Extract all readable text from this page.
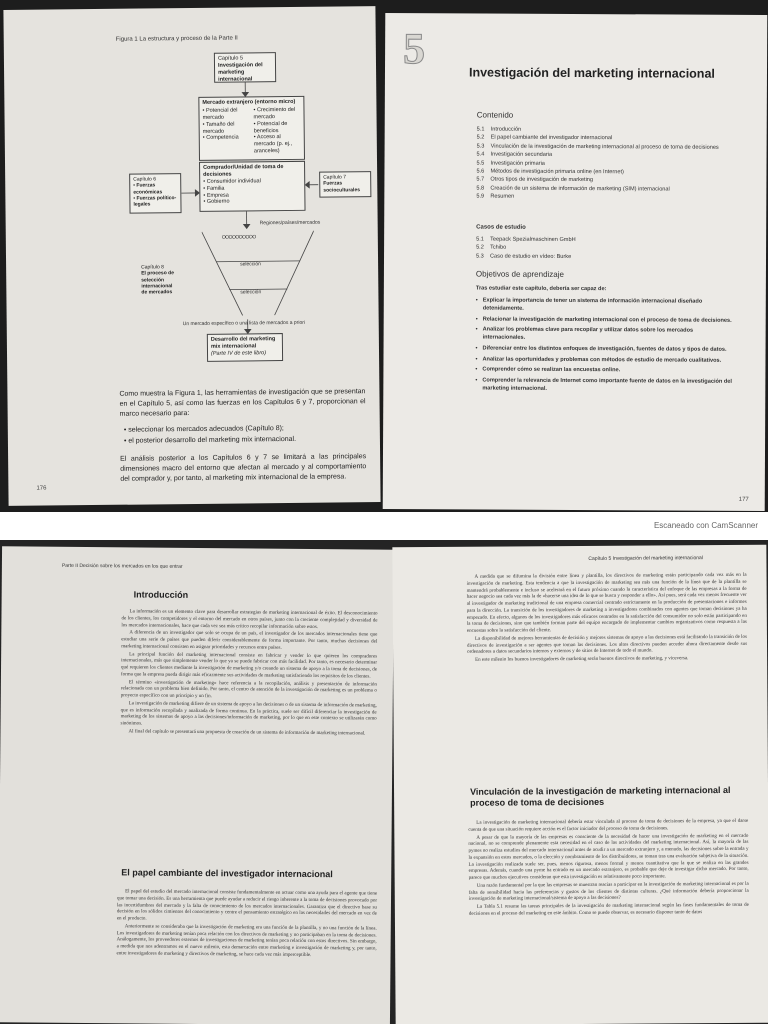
Figura 1 La estructura y proceso de la Parte II
Capítulo 5
Investigación del marketing internacional
Mercado extranjero (entorno micro)
• Potencial del mercado
• Tamaño del mercado
• Competencia
• Crecimiento del mercado
• Potencial de beneficios
• Acceso al mercado (p. ej., aranceles)
Comprador/Unidad de toma de decisiones
• Consumidor individual
• Familia
• Empresa
• Gobierno
Capítulo 6
• Fuerzas económicas
• Fuerzas político-legales
Capítulo 7
Fuerzas socioculturales
Regiones/países/mercados
OOOOOOOOOO
selección
selección
Capítulo 8
El proceso de selección internacional de mercados
Un mercado específico o una lista de mercados a priori
Desarrollo del marketing mix internacional
(Parte IV de este libro)

Como muestra la Figura 1, las herramientas de investigación que se presentan en el Capítulo 5, así como las fuerzas en los Capítulos 6 y 7, proporcionan el marco necesario para:

• seleccionar los mercados adecuados (Capítulo 8);
• el posterior desarrollo del marketing mix internacional.

El análisis posterior a los Capítulos 6 y 7 se limitará a las principales dimensiones macro del entorno que afectan al mercado y al comportamiento del comprador y, por tanto, al marketing mix internacional de la empresa.

176
5	Investigación del marketing internacional
Contenido
5.1	Introducción
5.2	El papel cambiante del investigador internacional
5.3	Vinculación de la investigación de marketing internacional al proceso de toma de decisiones
5.4	Investigación secundaria
5.5	Investigación primaria
5.6	Métodos de investigación primaria online (en Internet)
5.7	Otros tipos de investigación de marketing
5.8	Creación de un sistema de información de marketing (SIM) internacional
5.9	Resumen
Casos de estudio
5.1	Teepack Spezialmaschinen GmbH
5.2	Tchibo
5.3	Caso de estudio en vídeo: Burke
Objetivos de aprendizaje
Tras estudiar este capítulo, debería ser capaz de:
• Explicar la importancia de tener un sistema de información internacional diseñado detenidamente.
• Relacionar la investigación de marketing internacional con el proceso de toma de decisiones.
• Analizar los problemas clave para recopilar y utilizar datos sobre los mercados internacionales.
• Diferenciar entre los distintos enfoques de investigación, fuentes de datos y tipos de datos.
• Analizar las oportunidades y problemas con métodos de estudio de mercado cualitativos.
• Comprender cómo se realizan las encuestas online.
• Comprender la relevancia de Internet como importante fuente de datos en la investigación del marketing internacional.
177
Escaneado con CamScanner
Parte II Decisión sobre los mercados en los que entrar
Introducción

La información es un elemento clave para desarrollar estrategias de marketing internacional de éxito. El desconocimiento de los clientes, los competidores y el entorno del mercado en otros países, junto con la creciente complejidad y diversidad de los mercados internacionales, hace que cada vez sea más crítico recopilar información sobre estos.

A diferencia de un investigador que solo se ocupa de un país, el investigador de los mercados internacionales tiene que estudiar una serie de países que pueden diferir considerablemente de forma importante. Por tanto, muchas decisiones del marketing internacional consisten en asignar prioridades y recursos entre países.

La principal función del marketing internacional consiste en fabricar y vender lo que quieren los compradores internacionales, más que simplemente vender lo que ya se puede fabricar con más facilidad. Por tanto, es necesario determinar qué requieren los clientes mediante la investigación de marketing y/o creando un sistema de apoyo a la toma de decisiones, de forma que la empresa pueda dirigir más eficazmente sus actividades de marketing satisfaciendo los requisitos de los clientes.

El término «investigación de marketing» hace referencia a la recopilación, análisis y presentación de información relacionada con un problema bien definido. Por tanto, el centro de atención de la investigación de marketing es un problema o proyecto específico con un principio y un fin.

La investigación de marketing difiere de un sistema de apoyo a las decisiones o de un sistema de información de marketing, que es información recopilada y analizada de forma continua. En la práctica, suele ser difícil diferenciar la investigación de marketing de los sistemas de apoyo a las decisiones/información de marketing, por lo que en este contexto se utilizarán como sinónimos.

Al final del capítulo se presentará una propuesta de creación de un sistema de información de marketing internacional.

El papel cambiante del investigador internacional

El papel del estudio del mercado internacional consiste fundamentalmente en actuar como una ayuda para el agente que tiene que tomar una decisión. Es una herramienta que puede ayudar a reducir el riesgo inherente a la toma de decisiones provocado por las incertidumbres del mercado y la falta de conocimiento de los mercados internacionales. Garantiza que el directivo base su decisión en los sólidos cimientos del conocimiento y centre el pensamiento estratégico en las necesidades del mercado en vez de en el producto.

Anteriormente se consideraba que la investigación de marketing era una función de la plantilla, y no una función de la línea. Los investigadores de marketing tenían poca relación con los directivos de marketing y no participaban en la toma de decisiones. Análogamente, los proveedores externos de investigaciones de marketing tenían poca relación con estos directivos. Sin embargo, a medida que nos adentramos en el nuevo milenio, esta demarcación entre marketing e investigación de marketing y, por tanto, entre investigadores de marketing y directivos de marketing, se hace cada vez más imperceptible.

Capítulo 5 Investigación del marketing internacional

A medida que se difumina la división entre línea y plantilla, los directivos de marketing están participando cada vez más en la investigación de marketing. Esta tendencia a que la investigación de marketing sea más una función de la línea que de la plantilla se mantendrá probablemente e incluso se acelerará en el futuro próximo cuando la característica del enfoque de las empresas a la forma de hacer negocio sea cada vez más la de «hacerse una idea de lo que se busca y responder a ello». Así pues, será cada vez menos frecuente ver al investigador de marketing tradicional de una empresa comercial centrado estrictamente en la producción de presentaciones e informes para la dirección. La transición de los investigadores de marketing a investigadores combinados con agentes que toman decisiones ya ha empezado. En efecto, algunos de los investigadores más eficaces centrados en la satisfacción del consumidor no solo están participando en la toma de decisiones, sino que también forman parte del equipo encargado de implementar cambios organizativos como respuesta a las encuestas sobre la satisfacción del cliente.

La disponibilidad de mejores herramientas de decisión y mejores sistemas de apoyo a las decisiones está facilitando la transición de los directivos de investigación a ser agentes que toman las decisiones. Los altos directivos pueden acceder ahora directamente desde sus ordenadores a datos secundarios internos y externos y de sitios de Internet de todo el mundo.

En este milenio los buenos investigadores de marketing serán buenos directivos de marketing, y viceversa.

Vinculación de la investigación de marketing internacional al proceso de toma de decisiones

La investigación de marketing internacional debería estar vinculada al proceso de toma de decisiones de la empresa, ya que el darse cuenta de que una situación requiere acción es el factor iniciador del proceso de toma de decisiones.

A pesar de que la mayoría de las empresas es consciente de la necesidad de hacer una investigación de marketing en el mercado nacional, no se comprende plenamente esta necesidad en el caso de las actividades del marketing internacional. Así, la mayoría de las pymes no realiza estudios del mercado internacional antes de acudir a un mercado extranjero y, a menudo, las decisiones sobre la entrada y la expansión en estos mercados, o la elección y nombramiento de los distribuidores, se toman tras una evaluación subjetiva de la situación. La investigación realizada suele ser, pues, menos rigurosa, menos formal y menos cuantitativa que la que se realiza en las grandes empresas. Además, cuando una pyme ha entrado en un mercado extranjero, es probable que deje de investigar dicho mercado. Por tanto, parece que muchos ejecutivos consideran que esta investigación es relativamente poco importante.

Una razón fundamental por la que las empresas se muestran reacias a participar en la investigación de marketing internacional es por la falta de sensibilidad hacia las preferencias y gustos de los clientes de distintas culturas. ¿Qué información debería proporcionar la investigación de marketing internacional/sistema de apoyo a las decisiones?

La Tabla 5.1 resume las tareas principales de la investigación de marketing internacional según las fases fundamentales de toma de decisiones en el proceso del marketing en este ámbito. Como se puede observar, es necesario disponer tanto de datos
